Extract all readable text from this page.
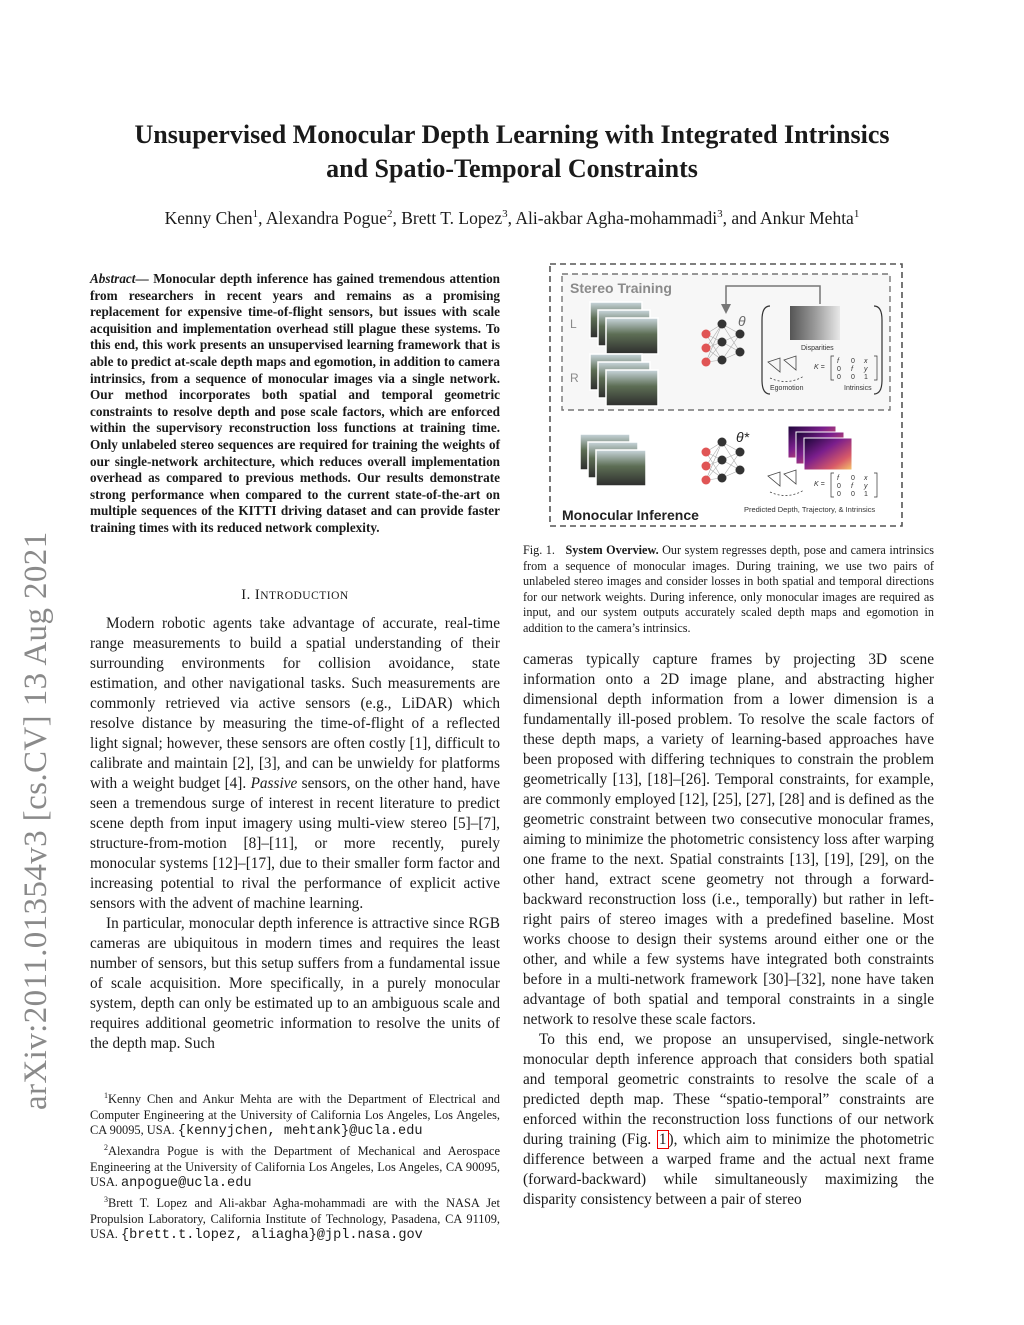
arXiv:2011.01354v3 [cs.CV] 13 Aug 2021
Unsupervised Monocular Depth Learning with Integrated Intrinsics
and Spatio-Temporal Constraints
Kenny Chen$^1$, Alexandra Pogue$^2$, Brett T. Lopez$^3$, Ali-akbar Agha-mohammadi$^3$, and Ankur Mehta$^1$
Abstract— Monocular depth inference has gained tremendous attention from researchers in recent years and remains as a promising replacement for expensive time-of-flight sensors, but issues with scale acquisition and implementation overhead still plague these systems. To this end, this work presents an unsupervised learning framework that is able to predict at-scale depth maps and egomotion, in addition to camera intrinsics, from a sequence of monocular images via a single network. Our method incorporates both spatial and temporal geometric constraints to resolve depth and pose scale factors, which are enforced within the supervisory reconstruction loss functions at training time. Only unlabeled stereo sequences are required for training the weights of our single-network architecture, which reduces overall implementation overhead as compared to previous methods. Our results demonstrate strong performance when compared to the current state-of-the-art on multiple sequences of the KITTI driving dataset and can provide faster training times with its reduced network complexity.
I. INTRODUCTION

Modern robotic agents take advantage of accurate, real-time range measurements to build a spatial understanding of their surrounding environments for collision avoidance, state estimation, and other navigational tasks. Such measurements are commonly retrieved via active sensors (e.g., LiDAR) which resolve distance by measuring the time-of-flight of a reflected light signal; however, these sensors are often costly [1], difficult to calibrate and maintain [2], [3], and can be unwieldy for platforms with a weight budget [4]. Passive sensors, on the other hand, have seen a tremendous surge of interest in recent literature to predict scene depth from input imagery using multi-view stereo [5]–[7], structure-from-motion [8]–[11], or more recently, purely monocular systems [12]–[17], due to their smaller form factor and increasing potential to rival the performance of explicit active sensors with the advent of machine learning.

In particular, monocular depth inference is attractive since RGB cameras are ubiquitous in modern times and requires the least number of sensors, but this setup suffers from a fundamental issue of scale acquisition. More specifically, in a purely monocular system, depth can only be estimated up to an ambiguous scale and requires additional geometric information to resolve the units of the depth map. Such

$^1$Kenny Chen and Ankur Mehta are with the Department of Electrical and Computer Engineering at the University of California Los Angeles, Los Angeles, CA 90095, USA. {kennyjchen, mehtank}@ucla.edu

$^2$Alexandra Pogue is with the Department of Mechanical and Aerospace Engineering at the University of California Los Angeles, Los Angeles, CA 90095, USA. anpogue@ucla.edu

$^3$Brett T. Lopez and Ali-akbar Agha-mohammadi are with the NASA Jet Propulsion Laboratory, California Institute of Technology, Pasadena, CA 91109, USA. {brett.t.lopez, aliagha}@jpl.nasa.gov

Stereo Training
L
R
θ
Disparities
Egomotion
K =
f 0 x
0 f y
0 0 1
Intrinsics
θ*
K =
f 0 x
0 f y
0 0 1
Monocular Inference	Predicted Depth, Trajectory, & Intrinsics
Fig. 1. System Overview. Our system regresses depth, pose and camera intrinsics from a sequence of monocular images. During training, we use two pairs of unlabeled stereo images and consider losses in both spatial and temporal directions for our network weights. During inference, only monocular images are required as input, and our system outputs accurately scaled depth maps and egomotion in addition to the camera’s intrinsics.

cameras typically capture frames by projecting 3D scene information onto a 2D image plane, and abstracting higher dimensional depth information from a lower dimension is a fundamentally ill-posed problem. To resolve the scale factors of these depth maps, a variety of learning-based approaches have been proposed with differing techniques to constrain the problem geometrically [13], [18]–[26]. Temporal constraints, for example, are commonly employed [12], [25], [27], [28] and is defined as the geometric constraint between two consecutive monocular frames, aiming to minimize the photometric consistency loss after warping one frame to the next. Spatial constraints [13], [19], [29], on the other hand, extract scene geometry not through a forward-backward reconstruction loss (i.e., temporally) but rather in left-right pairs of stereo images with a predefined baseline. Most works choose to design their systems around either one or the other, and while a few systems have integrated both constraints before in a multi-network framework [30]–[32], none have taken advantage of both spatial and temporal constraints in a single network to resolve these scale factors.

To this end, we propose an unsupervised, single-network monocular depth inference approach that considers both spatial and temporal geometric constraints to resolve the scale of a predicted depth map. These “spatio-temporal” constraints are enforced within the reconstruction loss functions of our network during training (Fig. 1 ), which aim to minimize the photometric difference between a warped frame and the actual next frame (forward-backward) while simultaneously maximizing the disparity consistency between a pair of stereo
